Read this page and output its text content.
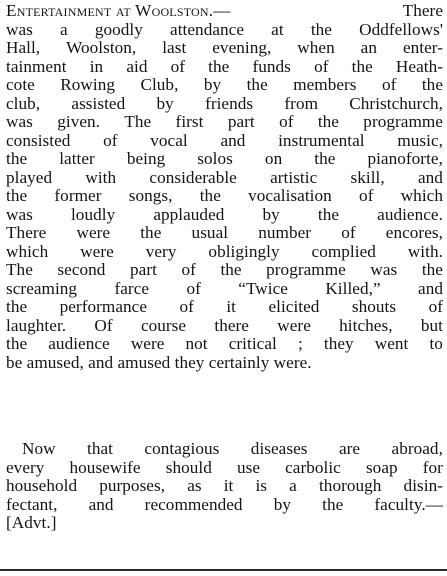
Entertainment at Woolston.—	There
was a goodly attendance at the Oddfellows'
Hall, Woolston, last evening, when an enter-
tainment in aid of the funds of the Heath-
cote Rowing Club, by the members of the
club, assisted by friends from Christchurch,
was given. The first part of the programme
consisted of vocal and instrumental music,
the latter being solos on the pianoforte,
played with considerable artistic skill, and
the former songs, the vocalisation of which
was loudly applauded by the audience.
There were the usual number of encores,
which were very obligingly complied with.
The second part of the programme was the
screaming farce of “Twice Killed,” and
the performance of it elicited shouts of
laughter. Of course there were hitches, but
the audience were not critical ; they went to
be amused, and amused they certainly were.
Now that contagious diseases are abroad,
every housewife should use carbolic soap for
household purposes, as it is a thorough disin-
fectant, and recommended by the faculty.—
[Advt.]
